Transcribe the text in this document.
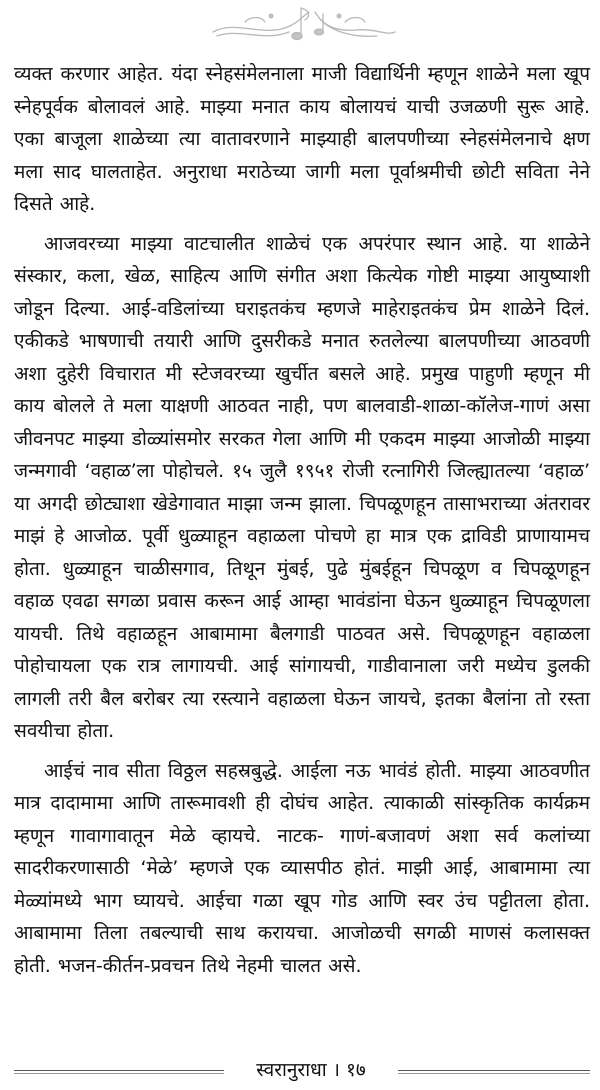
व्यक्त करणार आहेत. यंदा स्नेहसंमेलनाला माजी विद्यार्थिनी म्हणून शाळेने मला खूप स्नेहपूर्वक बोलावलं आहे. माझ्या मनात काय बोलायचं याची उजळणी सुरू आहे. एका बाजूला शाळेच्या त्या वातावरणाने माझ्याही बालपणीच्या स्नेहसंमेलनाचे क्षण मला साद घालताहेत. अनुराधा मराठेच्या जागी मला पूर्वाश्रमीची छोटी सविता नेने दिसते आहे.

आजवरच्या माझ्या वाटचालीत शाळेचं एक अपरंपार स्थान आहे. या शाळेने संस्कार, कला, खेळ, साहित्य आणि संगीत अशा कित्येक गोष्टी माझ्या आयुष्याशी जोडून दिल्या. आई-वडिलांच्या घराइतकंच म्हणजे माहेराइतकंच प्रेम शाळेने दिलं. एकीकडे भाषणाची तयारी आणि दुसरीकडे मनात रुतलेल्या बालपणीच्या आठवणी अशा दुहेरी विचारात मी स्टेजवरच्या खुर्चीत बसले आहे. प्रमुख पाहुणी म्हणून मी काय बोलले ते मला याक्षणी आठवत नाही, पण बालवाडी-शाळा-कॉलेज-गाणं असा जीवनपट माझ्या डोळ्यांसमोर सरकत गेला आणि मी एकदम माझ्या आजोळी माझ्या जन्मगावी ‘वहाळ’ला पोहोचले. १५ जुलै १९५१ रोजी रत्नागिरी जिल्ह्यातल्या ‘वहाळ’ या अगदी छोट्याशा खेडेगावात माझा जन्म झाला. चिपळूणहून तासाभराच्या अंतरावर माझं हे आजोळ. पूर्वी धुळ्याहून वहाळला पोचणे हा मात्र एक द्राविडी प्राणायामच होता. धुळ्याहून चाळीसगाव, तिथून मुंबई, पुढे मुंबईहून चिपळूण व चिपळूणहून वहाळ एवढा सगळा प्रवास करून आई आम्हा भावंडांना घेऊन धुळ्याहून चिपळूणला यायची. तिथे वहाळहून आबामामा बैलगाडी पाठवत असे. चिपळूणहून वहाळला पोहोचायला एक रात्र लागायची. आई सांगायची, गाडीवानाला जरी मध्येच डुलकी लागली तरी बैल बरोबर त्या रस्त्याने वहाळला घेऊन जायचे, इतका बैलांना तो रस्ता सवयीचा होता.

आईचं नाव सीता विठ्ठल सहस्रबुद्धे. आईला नऊ भावंडं होती. माझ्या आठवणीत मात्र दादामामा आणि तारूमावशी ही दोघंच आहेत. त्याकाळी सांस्कृतिक कार्यक्रम म्हणून गावागावातून मेळे व्हायचे. नाटक- गाणं-बजावणं अशा सर्व कलांच्या सादरीकरणासाठी ‘मेळे’ म्हणजे एक व्यासपीठ होतं. माझी आई, आबामामा त्या मेळ्यांमध्ये भाग घ्यायचे. आईचा गळा खूप गोड आणि स्वर उंच पट्टीतला होता. आबामामा तिला तबल्याची साथ करायचा. आजोळची सगळी माणसं कलासक्त होती. भजन-कीर्तन-प्रवचन तिथे नेहमी चालत असे.

स्वरानुराधा । १७
